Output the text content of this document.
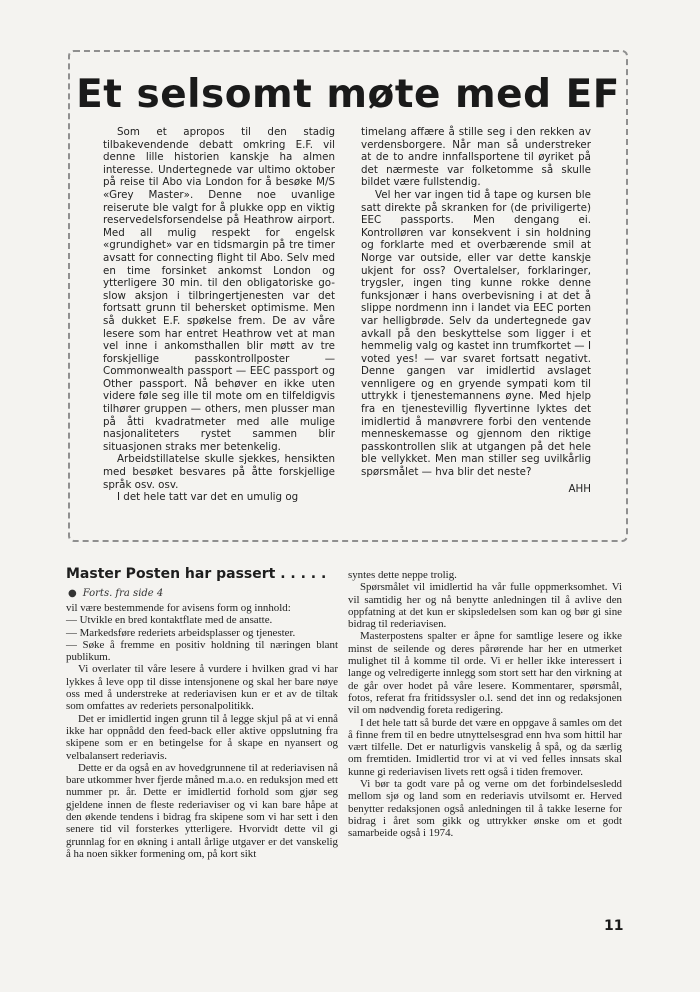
Et selsomt møte med EF

Som et apropos til den stadig tilbakevendende debatt omkring E.F. vil denne lille historien kanskje ha almen interesse. Undertegnede var ultimo oktober på reise til Abo via London for å besøke M/S «Grey Master». Denne noe uvanlige reiserute ble valgt for å plukke opp en viktig reservedelsforsendelse på Heathrow airport. Med all mulig respekt for engelsk «grundighet» var en tidsmargin på tre timer avsatt for connecting flight til Abo. Selv med en time forsinket ankomst London og ytterligere 30 min. til den obligatoriske go-slow aksjon i tilbringertjenesten var det fortsatt grunn til behersket optimisme. Men så dukket E.F. spøkelse frem. De av våre lesere som har entret Heathrow vet at man vel inne i ankomsthallen blir møtt av tre forskjellige passkontrollposter — Commonwealth passport — EEC passport og Other passport. Nå behøver en ikke uten videre føle seg ille til mote om en tilfeldigvis tilhører gruppen — others, men plusser man på åtti kvadratmeter med alle mulige nasjonaliteters rystet sammen blir situasjonen straks mer betenkelig.

Arbeidstillatelse skulle sjekkes, hensikten med besøket besvares på åtte forskjellige språk osv. osv.

I det hele tatt var det en umulig og

timelang affære å stille seg i den rekken av verdensborgere. Når man så understreker at de to andre innfallsportene til øyriket på det nærmeste var folketomme så skulle bildet være fullstendig.

Vel her var ingen tid å tape og kursen ble satt direkte på skranken for (de priviligerte) EEC passports. Men dengang ei. Kontrolløren var konsekvent i sin holdning og forklarte med et overbærende smil at Norge var outside, eller var dette kanskje ukjent for oss? Overtalelser, forklaringer, trygsler, ingen ting kunne rokke denne funksjonær i hans overbevisning i at det å slippe nordmenn inn i landet via EEC porten var helligbrøde. Selv da undertegnede gav avkall på den beskyttelse som ligger i et hemmelig valg og kastet inn trumfkortet — I voted yes! — var svaret fortsatt negativt. Denne gangen var imidlertid avslaget vennligere og en gryende sympati kom til uttrykk i tjenestemannens øyne. Med hjelp fra en tjenestevillig flyvertinne lyktes det imidlertid å manøvrere forbi den ventende menneskemasse og gjennom den riktige passkontrollen slik at utgangen på det hele ble vellykket. Men man stiller seg uvilkårlig spørsmålet — hva blir det neste?

AHH

Master Posten har passert . . . . .
● Forts. fra side 4

vil være bestemmende for avisens form og innhold:

— Utvikle en bred kontaktflate med de ansatte.

— Markedsføre rederiets arbeidsplasser og tjenester.

— Søke å fremme en positiv holdning til næringen blant publikum.

Vi overlater til våre lesere å vurdere i hvilken grad vi har lykkes å leve opp til disse intensjonene og skal her bare nøye oss med å understreke at rederiavisen kun er et av de tiltak som omfattes av rederiets personalpolitikk.

Det er imidlertid ingen grunn til å legge skjul på at vi ennå ikke har oppnådd den feed-back eller aktive oppslutning fra skipene som er en betingelse for å skape en nyansert og velbalansert rederiavis.

Dette er da også en av hovedgrunnene til at rederiavisen nå bare utkommer hver fjerde måned m.a.o. en reduksjon med ett nummer pr. år. Dette er imidlertid forhold som gjør seg gjeldene innen de fleste rederiaviser og vi kan bare håpe at den økende tendens i bidrag fra skipene som vi har sett i den senere tid vil forsterkes ytterligere. Hvorvidt dette vil gi grunnlag for en økning i antall årlige utgaver er det vanskelig å ha noen sikker formening om, på kort sikt

syntes dette neppe trolig.

Spørsmålet vil imidlertid ha vår fulle oppmerksomhet. Vi vil samtidig her og nå benytte anledningen til å avlive den oppfatning at det kun er skipsledelsen som kan og bør gi sine bidrag til rederiavisen.

Masterpostens spalter er åpne for samtlige lesere og ikke minst de seilende og deres pårørende har her en utmerket mulighet til å komme til orde. Vi er heller ikke interessert i lange og velredigerte innlegg som stort sett har den virkning at de går over hodet på våre lesere. Kommentarer, spørsmål, fotos, referat fra fritidssysler o.l. send det inn og redaksjonen vil om nødvendig foreta redigering.

I det hele tatt så burde det være en oppgave å samles om det å finne frem til en bedre utnyttelsesgrad enn hva som hittil har vært tilfelle. Det er naturligvis vanskelig å spå, og da særlig om fremtiden. Imidlertid tror vi at vi ved felles innsats skal kunne gi rederiavisen livets rett også i tiden fremover.

Vi bør ta godt vare på og verne om det forbindelsesledd mellom sjø og land som en rederiavis utvilsomt er. Herved benytter redaksjonen også anledningen til å takke leserne for bidrag i året som gikk og uttrykker ønske om et godt samarbeide også i 1974.

11
